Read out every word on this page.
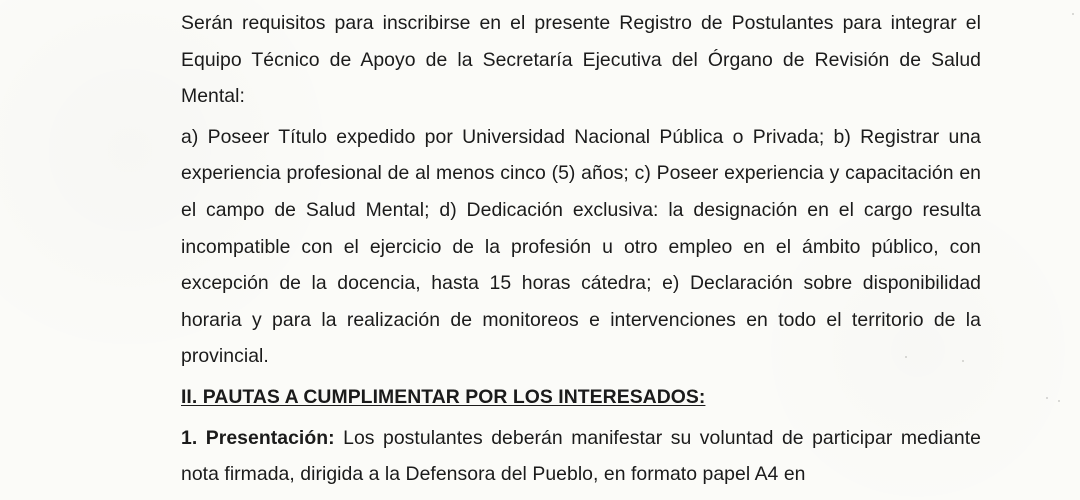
Serán requisitos para inscribirse en el presente Registro de Postulantes para integrar el Equipo Técnico de Apoyo de la Secretaría Ejecutiva del Órgano de Revisión de Salud Mental:

a) Poseer Título expedido por Universidad Nacional Pública o Privada; b) Registrar una experiencia profesional de al menos cinco (5) años; c) Poseer experiencia y capacitación en el campo de Salud Mental; d) Dedicación exclusiva: la designación en el cargo resulta incompatible con el ejercicio de la profesión u otro empleo en el ámbito público, con excepción de la docencia, hasta 15 horas cátedra; e) Declaración sobre disponibilidad horaria y para la realización de monitoreos e intervenciones en todo el territorio de la provincial.

II. PAUTAS A CUMPLIMENTAR POR LOS INTERESADOS:

1. Presentación: Los postulantes deberán manifestar su voluntad de participar mediante nota firmada, dirigida a la Defensora del Pueblo, en formato papel A4 en
